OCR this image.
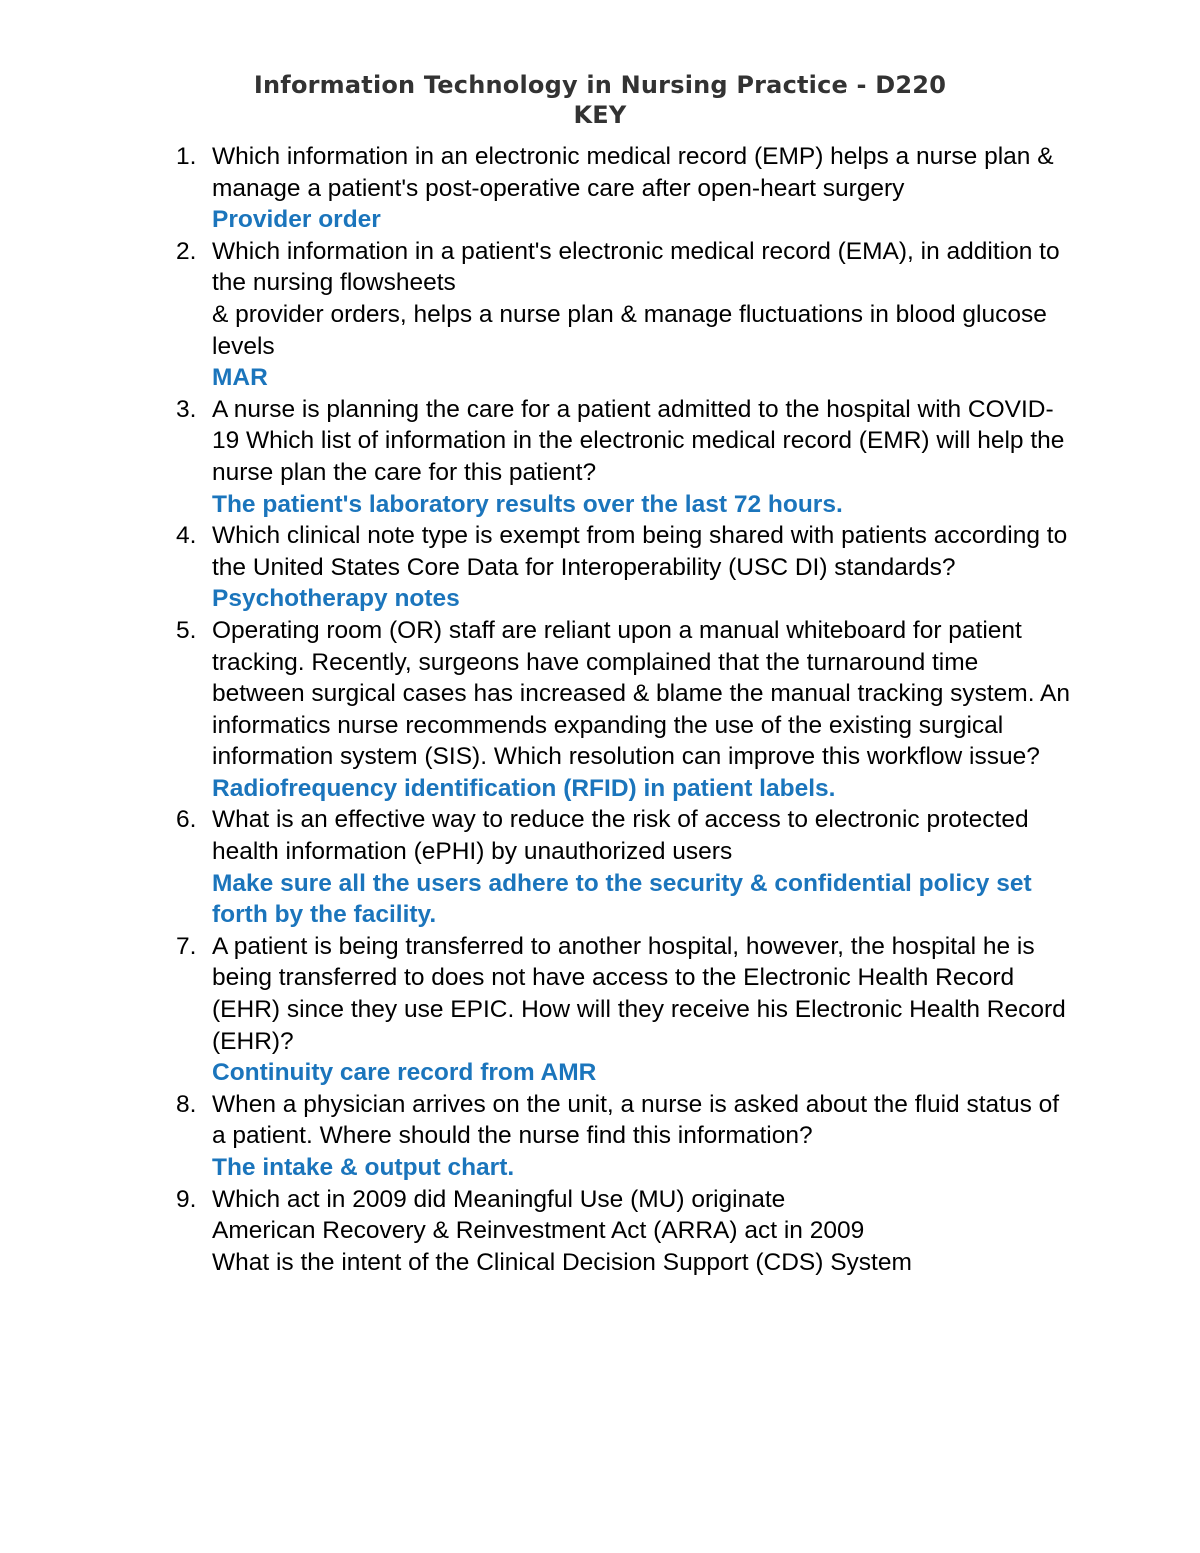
Information Technology in Nursing Practice - D220
KEY
1. Which information in an electronic medical record (EMP) helps a nurse plan & manage a patient's post-operative care after open-heart surgery
Provider order
2. Which information in a patient's electronic medical record (EMA), in addition to the nursing flowsheets
& provider orders, helps a nurse plan & manage fluctuations in blood glucose levels
MAR
3. A nurse is planning the care for a patient admitted to the hospital with COVID-19 Which list of information in the electronic medical record (EMR) will help the nurse plan the care for this patient?
The patient's laboratory results over the last 72 hours.
4. Which clinical note type is exempt from being shared with patients according to the United States Core Data for Interoperability (USC DI) standards?
Psychotherapy notes
5. Operating room (OR) staff are reliant upon a manual whiteboard for patient tracking. Recently, surgeons have complained that the turnaround time between surgical cases has increased & blame the manual tracking system. An informatics nurse recommends expanding the use of the existing surgical information system (SIS). Which resolution can improve this workflow issue?
Radiofrequency identification (RFID) in patient labels.
6. What is an effective way to reduce the risk of access to electronic protected health information (ePHI) by unauthorized users
Make sure all the users adhere to the security & confidential policy set forth by the facility.
7. A patient is being transferred to another hospital, however, the hospital he is being transferred to does not have access to the Electronic Health Record (EHR) since they use EPIC. How will they receive his Electronic Health Record (EHR)?
Continuity care record from AMR
8. When a physician arrives on the unit, a nurse is asked about the fluid status of a patient. Where should the nurse find this information?
The intake & output chart.
9. Which act in 2009 did Meaningful Use (MU) originate
American Recovery & Reinvestment Act (ARRA) act in 2009
What is the intent of the Clinical Decision Support (CDS) System
